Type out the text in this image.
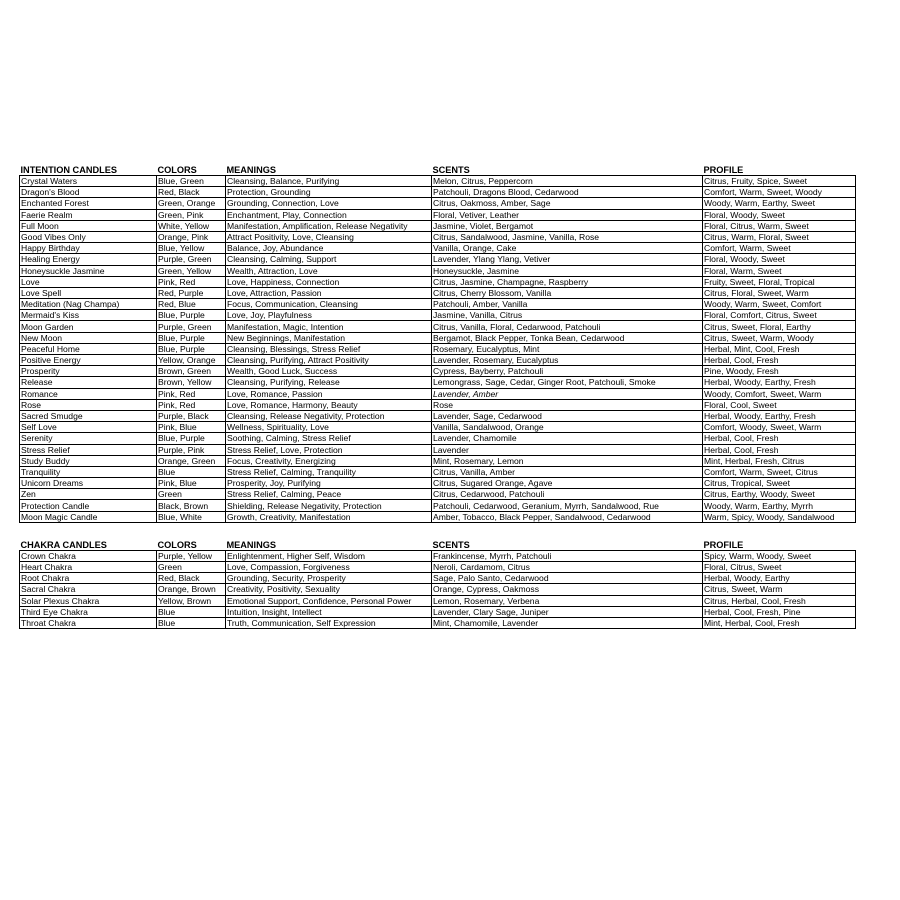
INTENTION CANDLES	COLORS	MEANINGS	SCENTS	PROFILE
Crystal Waters	Blue, Green	Cleansing, Balance, Purifying	Melon, Citrus, Peppercorn	Citrus, Fruity, Spice, Sweet
Dragon's Blood	Red, Black	Protection, Grounding	Patchouli, Dragons Blood, Cedarwood	Comfort, Warm, Sweet, Woody
Enchanted Forest	Green, Orange	Grounding, Connection, Love	Citrus, Oakmoss, Amber, Sage	Woody, Warm, Earthy, Sweet
Faerie Realm	Green, Pink	Enchantment, Play, Connection	Floral, Vetiver, Leather	Floral, Woody, Sweet
Full Moon	White, Yellow	Manifestation, Amplification, Release Negativity	Jasmine, Violet, Bergamot	Floral, Citrus, Warm, Sweet
Good Vibes Only	Orange, Pink	Attract Positivity, Love, Cleansing	Citrus, Sandalwood, Jasmine, Vanilla, Rose	Citrus, Warm, Floral, Sweet
Happy Birthday	Blue, Yellow	Balance, Joy, Abundance	Vanilla, Orange, Cake	Comfort, Warm, Sweet
Healing Energy	Purple, Green	Cleansing, Calming, Support	Lavender, Ylang Ylang, Vetiver	Floral, Woody, Sweet
Honeysuckle Jasmine	Green, Yellow	Wealth, Attraction, Love	Honeysuckle, Jasmine	Floral, Warm, Sweet
Love	Pink, Red	Love, Happiness, Connection	Citrus, Jasmine, Champagne, Raspberry	Fruity, Sweet, Floral, Tropical
Love Spell	Red, Purple	Love, Attraction, Passion	Citrus, Cherry Blossom, Vanilla	Citrus, Floral, Sweet, Warm
Meditation (Nag Champa)	Red, Blue	Focus, Communication, Cleansing	Patchouli, Amber, Vanilla	Woody, Warm, Sweet, Comfort
Mermaid's Kiss	Blue, Purple	Love, Joy, Playfulness	Jasmine, Vanilla, Citrus	Floral, Comfort, Citrus, Sweet
Moon Garden	Purple, Green	Manifestation, Magic, Intention	Citrus, Vanilla, Floral, Cedarwood, Patchouli	Citrus, Sweet, Floral, Earthy
New Moon	Blue, Purple	New Beginnings, Manifestation	Bergamot, Black Pepper, Tonka Bean, Cedarwood	Citrus, Sweet, Warm, Woody
Peaceful Home	Blue, Purple	Cleansing, Blessings, Stress Relief	Rosemary, Eucalyptus, Mint	Herbal, Mint, Cool, Fresh
Positive Energy	Yellow, Orange	Cleansing, Purifying, Attract Positivity	Lavender, Rosemary, Eucalyptus	Herbal, Cool, Fresh
Prosperity	Brown, Green	Wealth, Good Luck, Success	Cypress, Bayberry, Patchouli	Pine, Woody, Fresh
Release	Brown, Yellow	Cleansing, Purifying, Release	Lemongrass, Sage, Cedar, Ginger Root, Patchouli, Smoke	Herbal, Woody, Earthy, Fresh
Romance	Pink, Red	Love, Romance, Passion	Lavender, Amber	Woody, Comfort, Sweet, Warm
Rose	Pink, Red	Love, Romance, Harmony, Beauty	Rose	Floral, Cool, Sweet
Sacred Smudge	Purple, Black	Cleansing, Release Negativity, Protection	Lavender, Sage, Cedarwood	Herbal, Woody, Earthy, Fresh
Self Love	Pink, Blue	Wellness, Spirituality, Love	Vanilla, Sandalwood, Orange	Comfort, Woody, Sweet, Warm
Serenity	Blue, Purple	Soothing, Calming, Stress Relief	Lavender, Chamomile	Herbal, Cool, Fresh
Stress Relief	Purple, Pink	Stress Relief, Love, Protection	Lavender	Herbal, Cool, Fresh
Study Buddy	Orange, Green	Focus, Creativity, Energizing	Mint, Rosemary, Lemon	Mint, Herbal, Fresh, Citrus
Tranquility	Blue	Stress Relief, Calming, Tranquility	Citrus, Vanilla, Amber	Comfort, Warm, Sweet, Citrus
Unicorn Dreams	Pink, Blue	Prosperity, Joy, Purifying	Citrus, Sugared Orange, Agave	Citrus, Tropical, Sweet
Zen	Green	Stress Relief, Calming, Peace	Citrus, Cedarwood, Patchouli	Citrus, Earthy, Woody, Sweet
Protection Candle	Black, Brown	Shielding, Release Negativity, Protection	Patchouli, Cedarwood, Geranium, Myrrh, Sandalwood, Rue	Woody, Warm, Earthy, Myrrh
Moon Magic Candle	Blue, White	Growth, Creativity, Manifestation	Amber, Tobacco, Black Pepper, Sandalwood, Cedarwood	Warm, Spicy, Woody, Sandalwood
CHAKRA CANDLES	COLORS	MEANINGS	SCENTS	PROFILE
Crown Chakra	Purple, Yellow	Enlightenment, Higher Self, Wisdom	Frankincense, Myrrh, Patchouli	Spicy, Warm, Woody, Sweet
Heart Chakra	Green	Love, Compassion, Forgiveness	Neroli, Cardamom, Citrus	Floral, Citrus, Sweet
Root Chakra	Red, Black	Grounding, Security, Prosperity	Sage, Palo Santo, Cedarwood	Herbal, Woody, Earthy
Sacral Chakra	Orange, Brown	Creativity, Positivity, Sexuality	Orange, Cypress, Oakmoss	Citrus, Sweet, Warm
Solar Plexus Chakra	Yellow, Brown	Emotional Support, Confidence, Personal Power	Lemon, Rosemary, Verbena	Citrus, Herbal, Cool, Fresh
Third Eye Chakra	Blue	Intuition, Insight, Intellect	Lavender, Clary Sage, Juniper	Herbal, Cool, Fresh, Pine
Throat Chakra	Blue	Truth, Communication, Self Expression	Mint, Chamomile, Lavender	Mint, Herbal, Cool, Fresh
